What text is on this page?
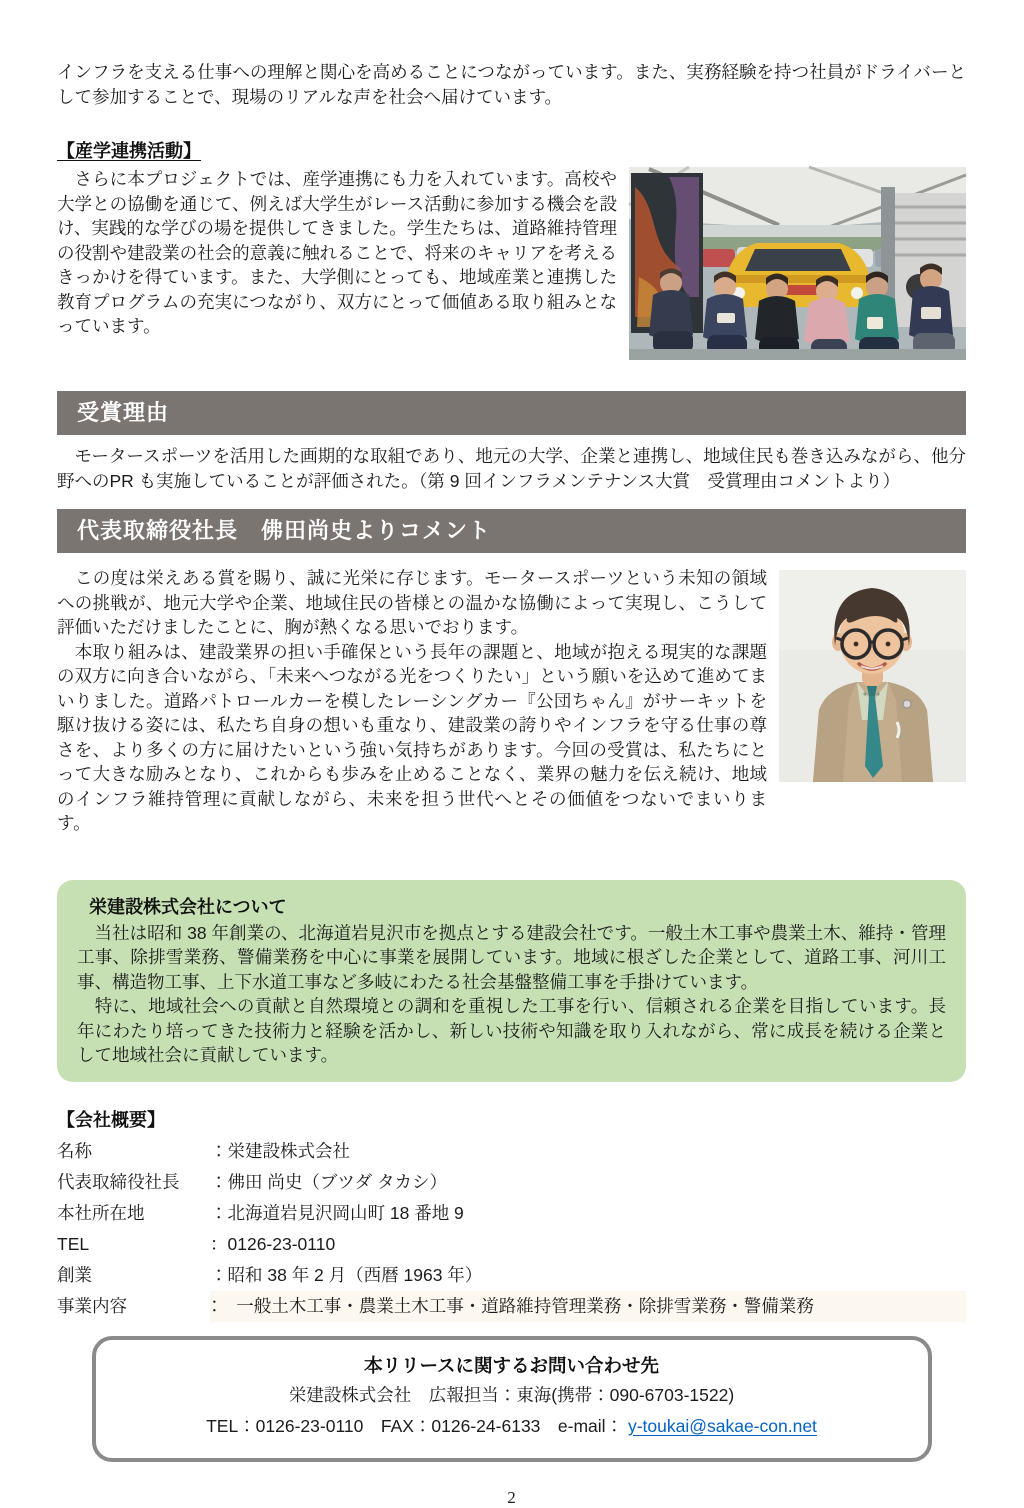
インフラを支える仕事への理解と関心を高めることにつながっています。また、実務経験を持つ社員がドライバーとして参加することで、現場のリアルな声を社会へ届けています。

【産学連携活動】

　さらに本プロジェクトでは、産学連携にも力を入れています。高校や大学との協働を通じて、例えば大学生がレース活動に参加する機会を設け、実践的な学びの場を提供してきました。学生たちは、道路維持管理の役割や建設業の社会的意義に触れることで、将来のキャリアを考えるきっかけを得ています。また、大学側にとっても、地域産業と連携した教育プログラムの充実につながり、双方にとって価値ある取り組みとなっています。

受賞理由

　モータースポーツを活用した画期的な取組であり、地元の大学、企業と連携し、地域住民も巻き込みながら、他分野へのPR も実施していることが評価された。（第 9 回インフラメンテナンス大賞　受賞理由コメントより）

代表取締役社長　佛田尚史よりコメント

　この度は栄えある賞を賜り、誠に光栄に存じます。モータースポーツという未知の領域への挑戦が、地元大学や企業、地域住民の皆様との温かな協働によって実現し、こうして評価いただけましたことに、胸が熱くなる思いでおります。

　本取り組みは、建設業界の担い手確保という長年の課題と、地域が抱える現実的な課題の双方に向き合いながら、「未来へつながる光をつくりたい」という願いを込めて進めてまいりました。道路パトロールカーを模したレーシングカー『公団ちゃん』がサーキットを駆け抜ける姿には、私たち自身の想いも重なり、建設業の誇りやインフラを守る仕事の尊さを、より多くの方に届けたいという強い気持ちがあります。今回の受賞は、私たちにとって大きな励みとなり、これからも歩みを止めることなく、業界の魅力を伝え続け、地域のインフラ維持管理に貢献しながら、未来を担う世代へとその価値をつないでまいります。

栄建設株式会社について

　当社は昭和 38 年創業の、北海道岩見沢市を拠点とする建設会社です。一般土木工事や農業土木、維持・管理工事、除排雪業務、警備業務を中心に事業を展開しています。地域に根ざした企業として、道路工事、河川工事、構造物工事、上下水道工事など多岐にわたる社会基盤整備工事を手掛けています。

　特に、地域社会への貢献と自然環境との調和を重視した工事を行い、信頼される企業を目指しています。長年にわたり培ってきた技術力と経験を活かし、新しい技術や知識を取り入れながら、常に成長を続ける企業として地域社会に貢献しています。

【会社概要】

名称	：栄建設株式会社
代表取締役社長	：佛田 尚史（ブツダ タカシ）
本社所在地	：北海道岩見沢岡山町 18 番地 9
TEL	：0126-23-0110
創業	：昭和 38 年 2 月（西暦 1963 年）
事業内容	：　一般土木工事・農業土木工事・道路維持管理業務・除排雪業務・警備業務
本リリースに関するお問い合わせ先
栄建設株式会社　広報担当：東海(携帯：090-6703-1522)
TEL：0126-23-0110　FAX：0126-24-6133　e-mail： y-toukai@sakae-con.net
2
